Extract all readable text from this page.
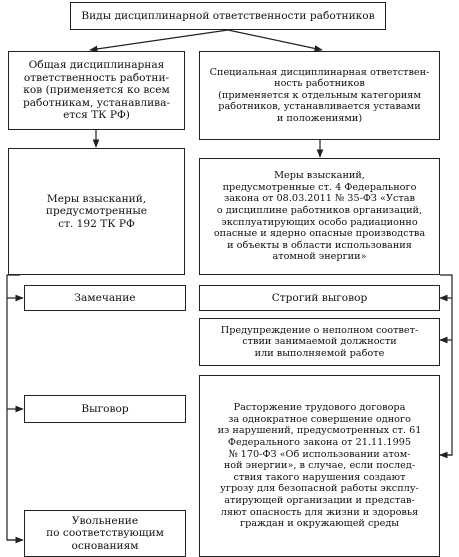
Виды дисциплинарной ответственности работников
Общая дисциплинарная
ответственность работни-
ков (применяется ко всем
работникам, устанавлива-
ется ТК РФ)
Меры взысканий,
предусмотренные
ст. 192 ТК РФ
Замечание
Выговор
Увольнение
по соответствующим
основаниям
Специальная дисциплинарная ответствен-
ность работников
(применяется к отдельным категориям
работников, устанавливается уставами
и положениями)
Меры взысканий,
предусмотренные ст. 4 Федерального
закона от 08.03.2011 № 35-ФЗ «Устав
о дисциплине работников организаций,
эксплуатирующих особо радиационно
опасные и ядерно опасные производства
и объекты в области использования
атомной энергии»
Строгий выговор
Предупреждение о неполном соответ-
ствии занимаемой должности
или выполняемой работе
Расторжение трудового договора
за однократное совершение одного
из нарушений, предусмотренных ст. 61
Федерального закона от 21.11.1995
№ 170-ФЗ «Об использовании атом-
ной энергии», в случае, если послед-
ствия такого нарушения создают
угрозу для безопасной работы эксплу-
атирующей организации и представ-
ляют опасность для жизни и здоровья
граждан и окружающей среды
